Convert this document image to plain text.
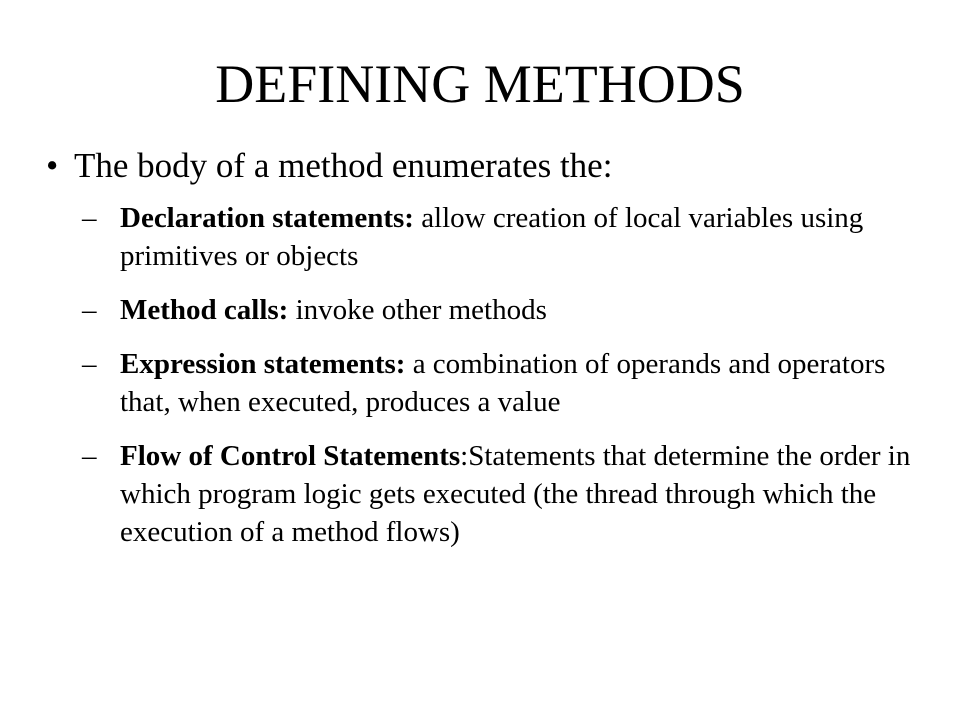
DEFINING METHODS
• The body of a method enumerates the:
– Declaration statements: allow creation of local variables using primitives or objects
– Method calls: invoke other methods
– Expression statements: a combination of operands and operators that, when executed, produces a value
– Flow of Control Statements:Statements that determine the order in which program logic gets executed (the thread through which the execution of a method flows)
